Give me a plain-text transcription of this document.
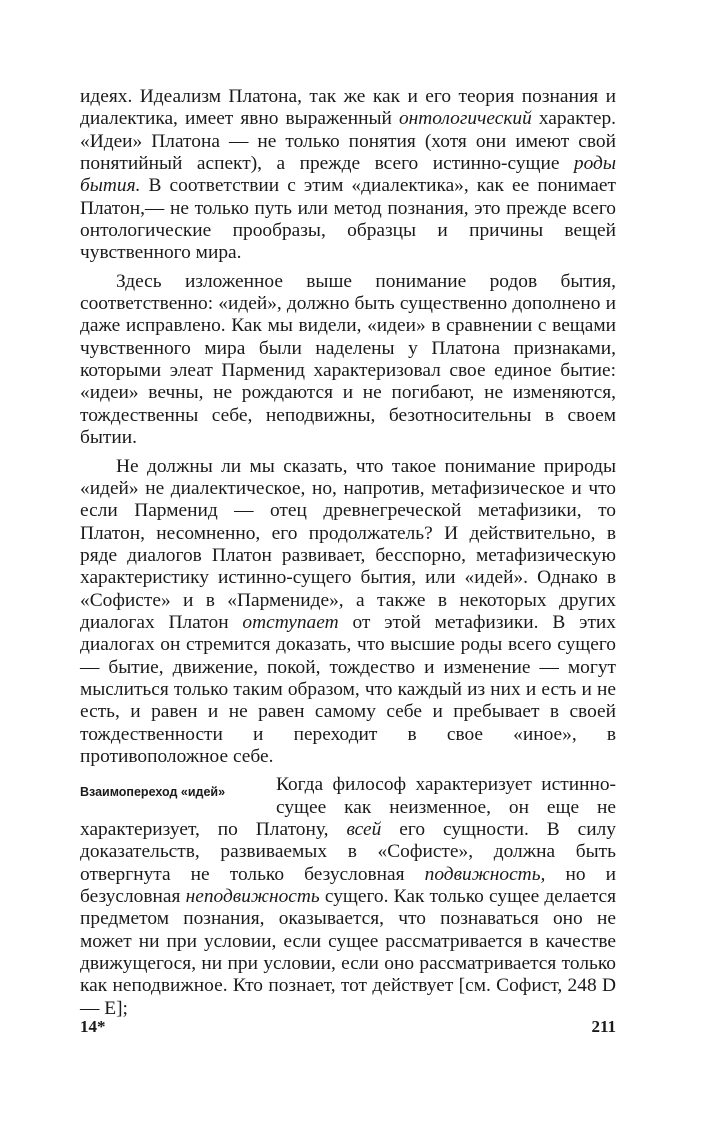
идеях. Идеализм Платона, так же как и его теория познания и диалектика, имеет явно выраженный онтологический характер. «Идеи» Платона — не только понятия (хотя они имеют свой понятийный аспект), а прежде всего истинно-сущие роды бытия. В соответствии с этим «диалектика», как ее понимает Платон,— не только путь или метод познания, это прежде всего онтологические прообразы, образцы и причины вещей чувственного мира.

Здесь изложенное выше понимание родов бытия, соответственно: «идей», должно быть существенно дополнено и даже исправлено. Как мы видели, «идеи» в сравнении с вещами чувственного мира были наделены у Платона признаками, которыми элеат Парменид характеризовал свое единое бытие: «идеи» вечны, не рождаются и не погибают, не изменяются, тождественны себе, неподвижны, безотносительны в своем бытии.

Не должны ли мы сказать, что такое понимание природы «идей» не диалектическое, но, напротив, метафизическое и что если Парменид — отец древнегреческой метафизики, то Платон, несомненно, его продолжатель? И действительно, в ряде диалогов Платон развивает, бесспорно, метафизическую характеристику истинно-сущего бытия, или «идей». Однако в «Софисте» и в «Пармениде», а также в некоторых других диалогах Платон отступает от этой метафизики. В этих диалогах он стремится доказать, что высшие роды всего сущего — бытие, движение, покой, тождество и изменение — могут мыслиться только таким образом, что каждый из них и есть и не есть, и равен и не равен самому себе и пребывает в своей тождественности и переходит в свое «иное», в противоположное себе.

Взаимопереход «идей»	Когда философ характеризует истинно-сущее как неизменное, он еще не характеризует, по Платону, всей его сущности. В силу доказательств, развиваемых в «Софисте», должна быть отвергнута не только безусловная подвижность, но и безусловная неподвижность сущего. Как только сущее делается предметом познания, оказывается, что познаваться оно не может ни при условии, если сущее рассматривается в качестве движущегося, ни при условии, если оно рассматривается только как неподвижное. Кто познает, тот действует [см. Софист, 248 D — E];

14*	211
